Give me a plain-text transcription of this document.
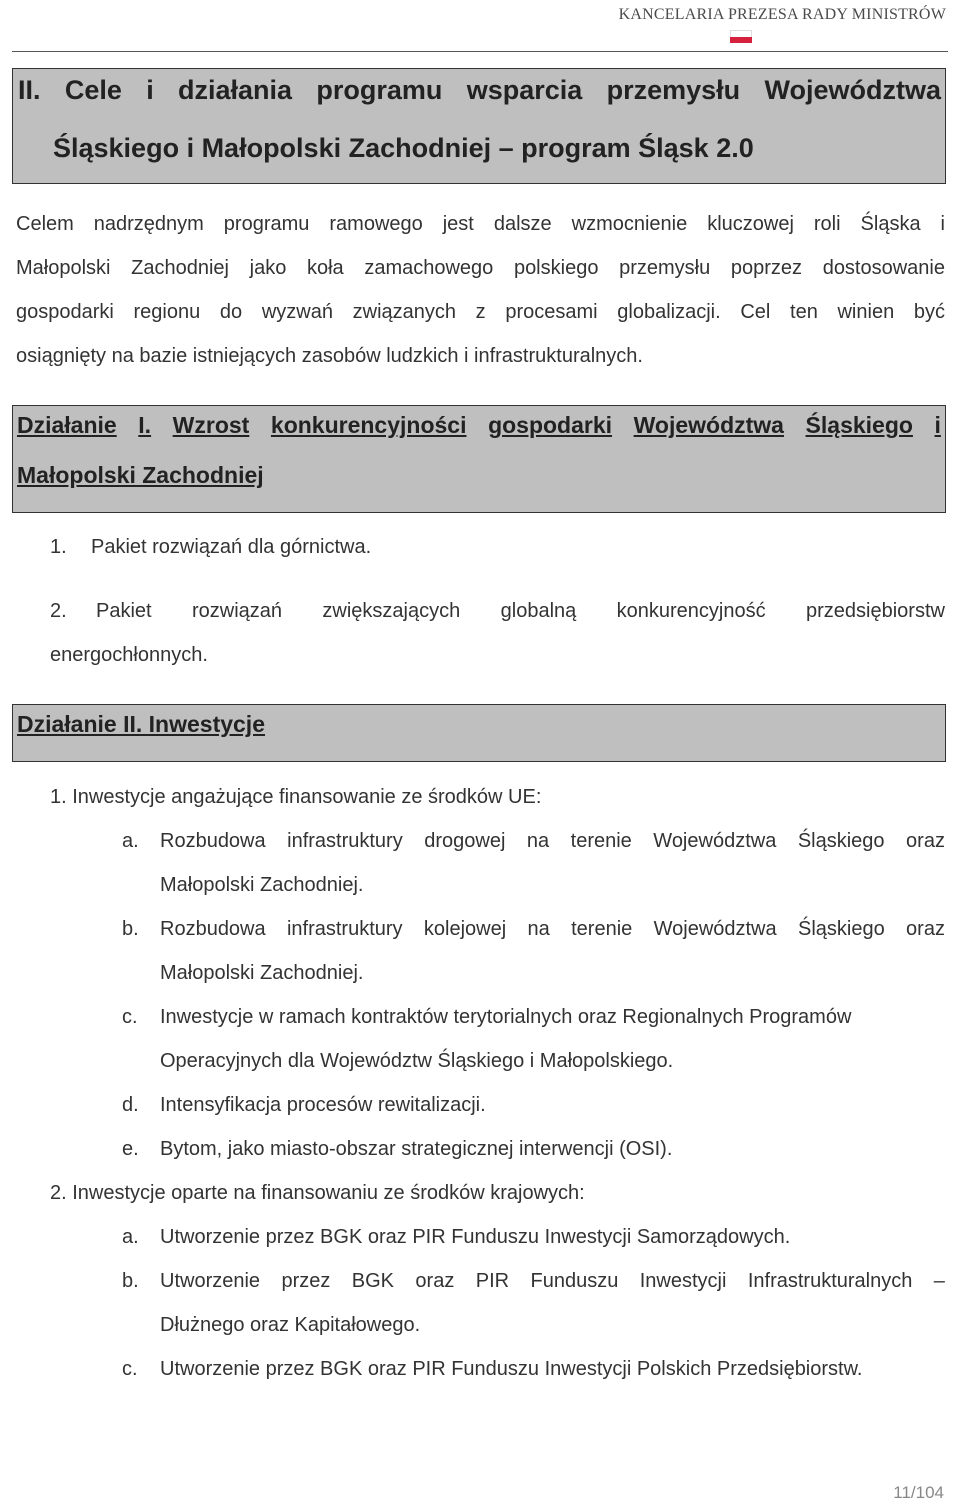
KANCELARIA PREZESA RADY MINISTRÓW
II. Cele i działania programu wsparcia przemysłu Województwa
Śląskiego i Małopolski Zachodniej – program Śląsk 2.0
Celem nadrzędnym programu ramowego jest dalsze wzmocnienie kluczowej roli Śląska i
Małopolski Zachodniej jako koła zamachowego polskiego przemysłu poprzez dostosowanie
gospodarki regionu do wyzwań związanych z procesami globalizacji. Cel ten winien być
osiągnięty na bazie istniejących zasobów ludzkich i infrastrukturalnych.
Działanie I. Wzrost konkurencyjności gospodarki Województwa Śląskiego i
Małopolski Zachodniej
1. Pakiet rozwiązań dla górnictwa.
2. Pakiet rozwiązań zwiększających globalną konkurencyjność przedsiębiorstw
energochłonnych.
Działanie II. Inwestycje
1. Inwestycje angażujące finansowanie ze środków UE:
a. Rozbudowa infrastruktury drogowej na terenie Województwa Śląskiego oraz
Małopolski Zachodniej.
b. Rozbudowa infrastruktury kolejowej na terenie Województwa Śląskiego oraz
Małopolski Zachodniej.
c. Inwestycje w ramach kontraktów terytorialnych oraz Regionalnych Programów
Operacyjnych dla Województw Śląskiego i Małopolskiego.
d. Intensyfikacja procesów rewitalizacji.
e. Bytom, jako miasto-obszar strategicznej interwencji (OSI).
2. Inwestycje oparte na finansowaniu ze środków krajowych:
a. Utworzenie przez BGK oraz PIR Funduszu Inwestycji Samorządowych.
b. Utworzenie przez BGK oraz PIR Funduszu Inwestycji Infrastrukturalnych –
Dłużnego oraz Kapitałowego.
c. Utworzenie przez BGK oraz PIR Funduszu Inwestycji Polskich Przedsiębiorstw.
11/104
